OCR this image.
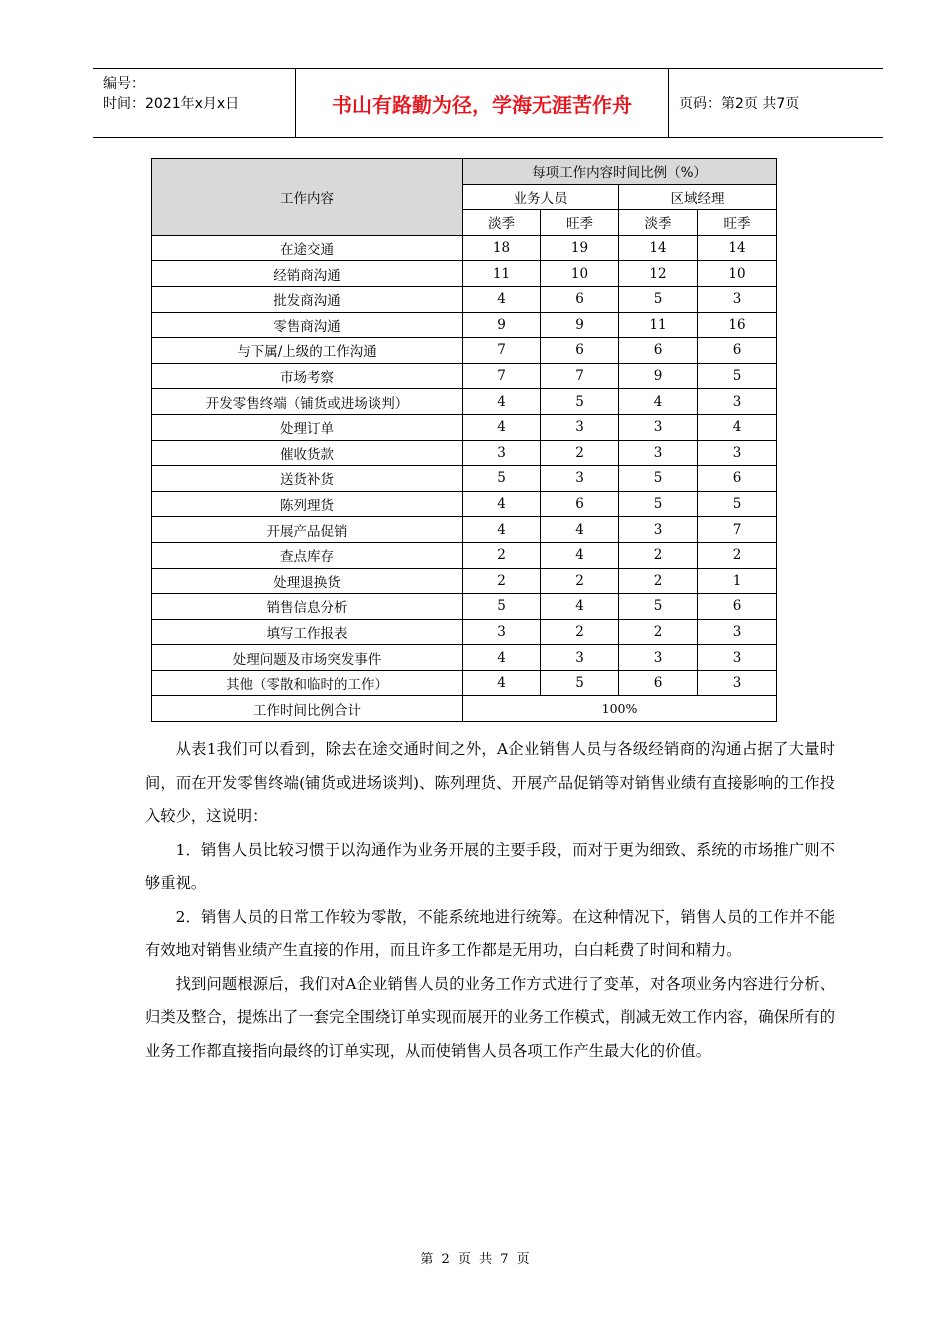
编号：
时间：2021年x月x日	书山有路勤为径，学海无涯苦作舟	页码：第2页 共7页
工作内容	每项工作内容时间比例（%）			
	业务人员		区域经理	
	淡季	旺季	淡季	旺季
在途交通	18	19	14	14
经销商沟通	11	10	12	10
批发商沟通	4	6	5	3
零售商沟通	9	9	11	16
与下属/上级的工作沟通	7	6	6	6
市场考察	7	7	9	5
开发零售终端（铺货或进场谈判）	4	5	4	3
处理订单	4	3	3	4
催收货款	3	2	3	3
送货补货	5	3	5	6
陈列理货	4	6	5	5
开展产品促销	4	4	3	7
查点库存	2	4	2	2
处理退换货	2	2	2	1
销售信息分析	5	4	5	6
填写工作报表	3	2	2	3
处理问题及市场突发事件	4	3	3	3
其他（零散和临时的工作）	4	5	6	3
工作时间比例合计	100%			

从表1我们可以看到，除去在途交通时间之外，A企业销售人员与各级经销商的沟通占据了大量时间，而在开发零售终端(铺货或进场谈判)、陈列理货、开展产品促销等对销售业绩有直接影响的工作投入较少，这说明：

1．销售人员比较习惯于以沟通作为业务开展的主要手段，而对于更为细致、系统的市场推广则不够重视。

2．销售人员的日常工作较为零散，不能系统地进行统筹。在这种情况下，销售人员的工作并不能有效地对销售业绩产生直接的作用，而且许多工作都是无用功，白白耗费了时间和精力。

找到问题根源后，我们对A企业销售人员的业务工作方式进行了变革，对各项业务内容进行分析、归类及整合，提炼出了一套完全围绕订单实现而展开的业务工作模式，削减无效工作内容，确保所有的业务工作都直接指向最终的订单实现，从而使销售人员各项工作产生最大化的价值。

第 2 页 共 7 页
